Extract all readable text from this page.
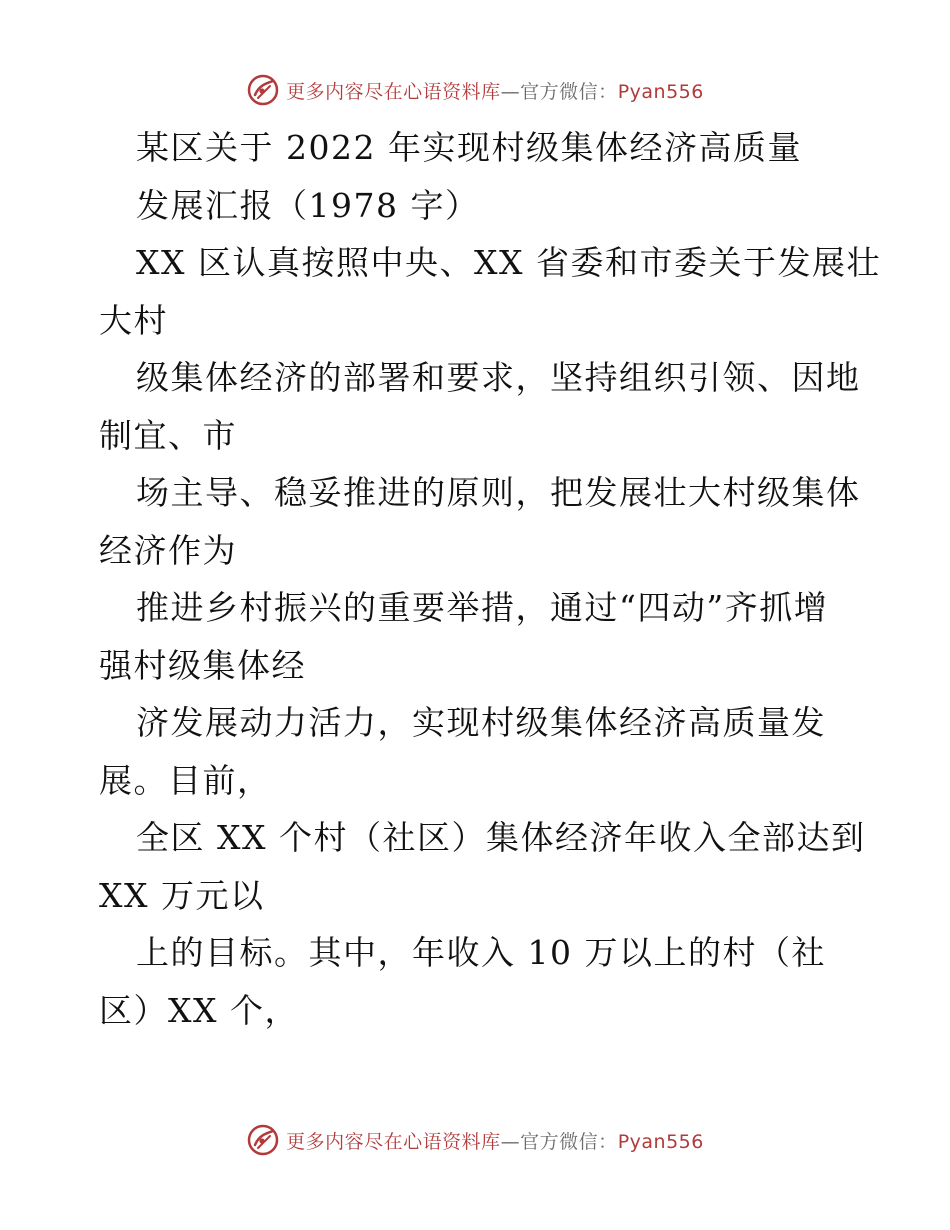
更多内容尽在心语资料库—官方微信：Pyan556
某区关于 2022 年实现村级集体经济高质量
发展汇报（1978 字）
XX 区认真按照中央、XX 省委和市委关于发展壮
大村
级集体经济的部署和要求，坚持组织引领、因地
制宜、市
场主导、稳妥推进的原则，把发展壮大村级集体
经济作为
推进乡村振兴的重要举措，通过“四动”齐抓增
强村级集体经
济发展动力活力，实现村级集体经济高质量发
展。目前，
全区 XX 个村（社区）集体经济年收入全部达到
XX 万元以
上的目标。其中，年收入 10 万以上的村（社
区）XX 个，
更多内容尽在心语资料库—官方微信：Pyan556
